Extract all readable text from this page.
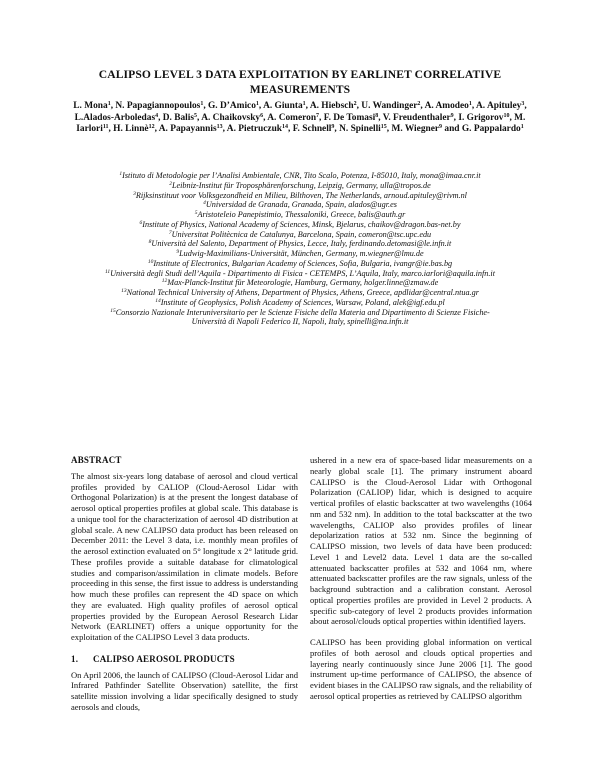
CALIPSO LEVEL 3 DATA EXPLOITATION BY EARLINET CORRELATIVE MEASUREMENTS
L. Mona$^1$, N. Papagiannopoulos$^1$, G. D’Amico$^1$, A. Giunta$^1$, A. Hiebsch$^2$, U. Wandinger$^2$, A. Amodeo$^1$, A. Apituley$^3$, L.Alados-Arboledas$^4$, D. Balis$^5$, A. Chaikovsky$^6$, A. Comeron$^7$, F. De Tomasi$^8$, V. Freudenthaler$^9$, I. Grigorov$^{10}$, M. Iarlori$^{11}$, H. Linnè$^{12}$, A. Papayannis$^{13}$, A. Pietruczuk$^{14}$, F. Schnell$^9$, N. Spinelli$^{15}$, M. Wiegner$^9$ and G. Pappalardo$^1$
$^1$Istituto di Metodologie per l’Analisi Ambientale, CNR, Tito Scalo, Potenza, I-85010, Italy, mona@imaa.cnr.it
$^2$Leibniz-Institut für Troposphärenforschung, Leipzig, Germany, ulla@tropos.de
$^3$Rijksinstituut voor Volksgezondheid en Milieu, Bilthoven, The Netherlands, arnoud.apituley@rivm.nl
$^4$Universidad de Granada, Granada, Spain, alados@ugr.es
$^5$Aristoteleio Panepistimio, Thessaloniki, Greece, balis@auth.gr
$^6$Institute of Physics, National Academy of Sciences, Minsk, Bjelarus, chaikov@dragon.bas-net.by
$^7$Universitat Politècnica de Catalunya, Barcelona, Spain, comeron@tsc.upc.edu
$^8$Università del Salento, Department of Physics, Lecce, Italy, ferdinando.detomasi@le.infn.it
$^9$Ludwig-Maximilians-Universität, München, Germany, m.wiegner@lmu.de
$^{10}$Institute of Electronics, Bulgarian Academy of Sciences, Sofia, Bulgaria, ivangr@ie.bas.bg
$^{11}$Università degli Studi dell’Aquila - Dipartimento di Fisica - CETEMPS, L’Aquila, Italy, marco.iarlori@aquila.infn.it
$^{12}$Max-Planck-Institut für Meteorologie, Hamburg, Germany, holger.linne@zmaw.de
$^{13}$National Technical University of Athens, Department of Physics, Athens, Greece, apdlidar@central.ntua.gr
$^{14}$Institute of Geophysics, Polish Academy of Sciences, Warsaw, Poland, alek@igf.edu.pl
$^{15}$Consorzio Nazionale Interuniversitario per le Scienze Fisiche della Materia and Dipartimento di Scienze Fisiche-
Università di Napoli Federico II, Napoli, Italy, spinelli@na.infn.it
ABSTRACT

The almost six-years long database of aerosol and cloud vertical profiles provided by CALIOP (Cloud-Aerosol Lidar with Orthogonal Polarization) is at the present the longest database of aerosol optical properties profiles at global scale. This database is a unique tool for the characterization of aerosol 4D distribution at global scale. A new CALIPSO data product has been released on December 2011: the Level 3 data, i.e. monthly mean profiles of the aerosol extinction evaluated on 5° longitude x 2° latitude grid. These profiles provide a suitable database for climatological studies and comparison/assimilation in climate models. Before proceeding in this sense, the first issue to address is understanding how much these profiles can represent the 4D space on which they are evaluated. High quality profiles of aerosol optical properties provided by the European Aerosol Research Lidar Network (EARLINET) offers a unique opportunity for the exploitation of the CALIPSO Level 3 data products.

1. CALIPSO AEROSOL PRODUCTS

On April 2006, the launch of CALIPSO (Cloud-Aerosol Lidar and Infrared Pathfinder Satellite Observation) satellite, the first satellite mission involving a lidar specifically designed to study aerosols and clouds,

ushered in a new era of space-based lidar measurements on a nearly global scale [1]. The primary instrument aboard CALIPSO is the Cloud-Aerosol Lidar with Orthogonal Polarization (CALIOP) lidar, which is designed to acquire vertical profiles of elastic backscatter at two wavelengths (1064 nm and 532 nm). In addition to the total backscatter at the two wavelengths, CALIOP also provides profiles of linear depolarization ratios at 532 nm. Since the beginning of CALIPSO mission, two levels of data have been produced: Level 1 and Level2 data. Level 1 data are the so-called attenuated backscatter profiles at 532 and 1064 nm, where attenuated backscatter profiles are the raw signals, unless of the background subtraction and a calibration constant. Aerosol optical properties profiles are provided in Level 2 products. A specific sub-category of level 2 products provides information about aerosol/clouds optical properties within identified layers.

CALIPSO has been providing global information on vertical profiles of both aerosol and clouds optical properties and layering nearly continuously since June 2006 [1]. The good instrument up-time performance of CALIPSO, the absence of evident biases in the CALIPSO raw signals, and the reliability of aerosol optical properties as retrieved by CALIPSO algorithm
